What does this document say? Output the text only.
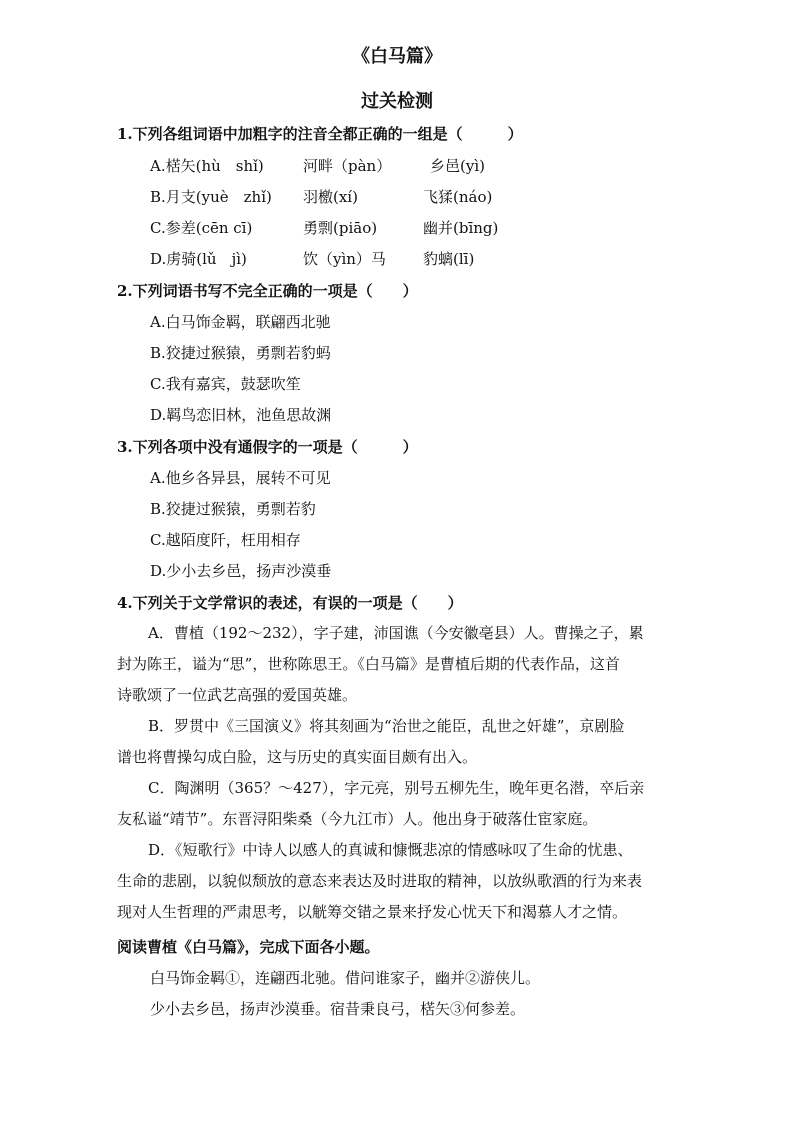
《白马篇》
过关检测
1.下列各组词语中加粗字的注音全都正确的一组是（　　　）
A.楛矢(hù　shǐ)	河畔（pàn）	乡邑(yì)
B.月支(yuè　zhǐ) 羽檄(xí)	飞猱(náo)
C.参差(cēn cī)	勇剽(piāo)	幽并(bīng)
D.虏骑(lǔ　jì)	饮（yìn）马 豹螭(lī)
2.下列词语书写不完全正确的一项是（　　）
A.白马饰金羁，联翩西北驰
B.狡捷过猴猿，勇剽若豹蚂
C.我有嘉宾，鼓瑟吹笙
D.羁鸟恋旧林，池鱼思故渊
3.下列各项中没有通假字的一项是（　　　）
A.他乡各异县，展转不可见
B.狡捷过猴猿，勇剽若豹
C.越陌度阡，枉用相存
D.少小去乡邑，扬声沙漠垂
4.下列关于文学常识的表述，有误的一项是（　　）
A．曹植（192～232），字子建，沛国谯（今安徽亳县）人。曹操之子，累
封为陈王，谥为“思”，世称陈思王。《白马篇》是曹植后期的代表作品，这首
诗歌颂了一位武艺高强的爱国英雄。
B．罗贯中《三国演义》将其刻画为“治世之能臣，乱世之奸雄”，京剧脸
谱也将曹操勾成白脸，这与历史的真实面目颇有出入。
C．陶渊明（365？～427），字元亮，别号五柳先生，晚年更名潜，卒后亲
友私谥“靖节”。东晋浔阳柴桑（今九江市）人。他出身于破落仕宦家庭。
D．《短歌行》中诗人以感人的真诚和慷慨悲凉的情感咏叹了生命的忧患、
生命的悲剧，以貌似颓放的意态来表达及时进取的精神，以放纵歌酒的行为来表
现对人生哲理的严肃思考，以觥筹交错之景来抒发心忧天下和渴慕人才之情。
阅读曹植《白马篇》，完成下面各小题。
白马饰金羁①，连翩西北驰。借问谁家子，幽并②游侠儿。
少小去乡邑，扬声沙漠垂。宿昔秉良弓，楛矢③何参差。
